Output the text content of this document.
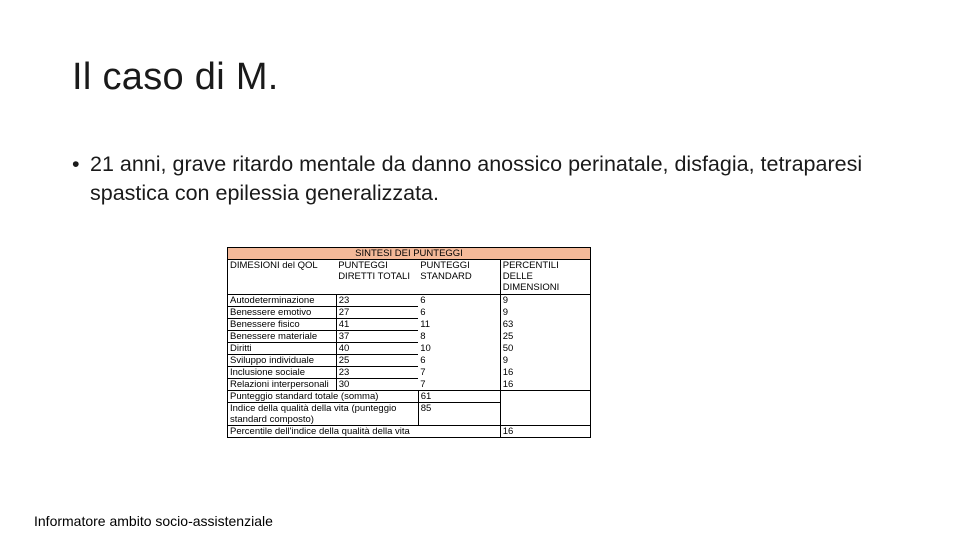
Il caso di M.
• 21 anni, grave ritardo mentale da danno anossico perinatale, disfagia, tetraparesi spastica con epilessia generalizzata.
SINTESI DEI PUNTEGGI			
DIMESIONI del QOL	PUNTEGGI DIRETTI TOTALI	PUNTEGGI STANDARD	PERCENTILI DELLE DIMENSIONI
Autodeterminazione	23	6	9
Benessere emotivo	27	6	9
Benessere fisico	41	11	63
Benessere materiale	37	8	25
Diritti	40	10	50
Sviluppo individuale	25	6	9
Inclusione sociale	23	7	16
Relazioni interpersonali	30	7	16
Punteggio standard totale (somma)		61	
Indice della qualità della vita (punteggio standard composto)		85	
Percentile dell'indice della qualità della vita			16
Informatore ambito socio-assistenziale
